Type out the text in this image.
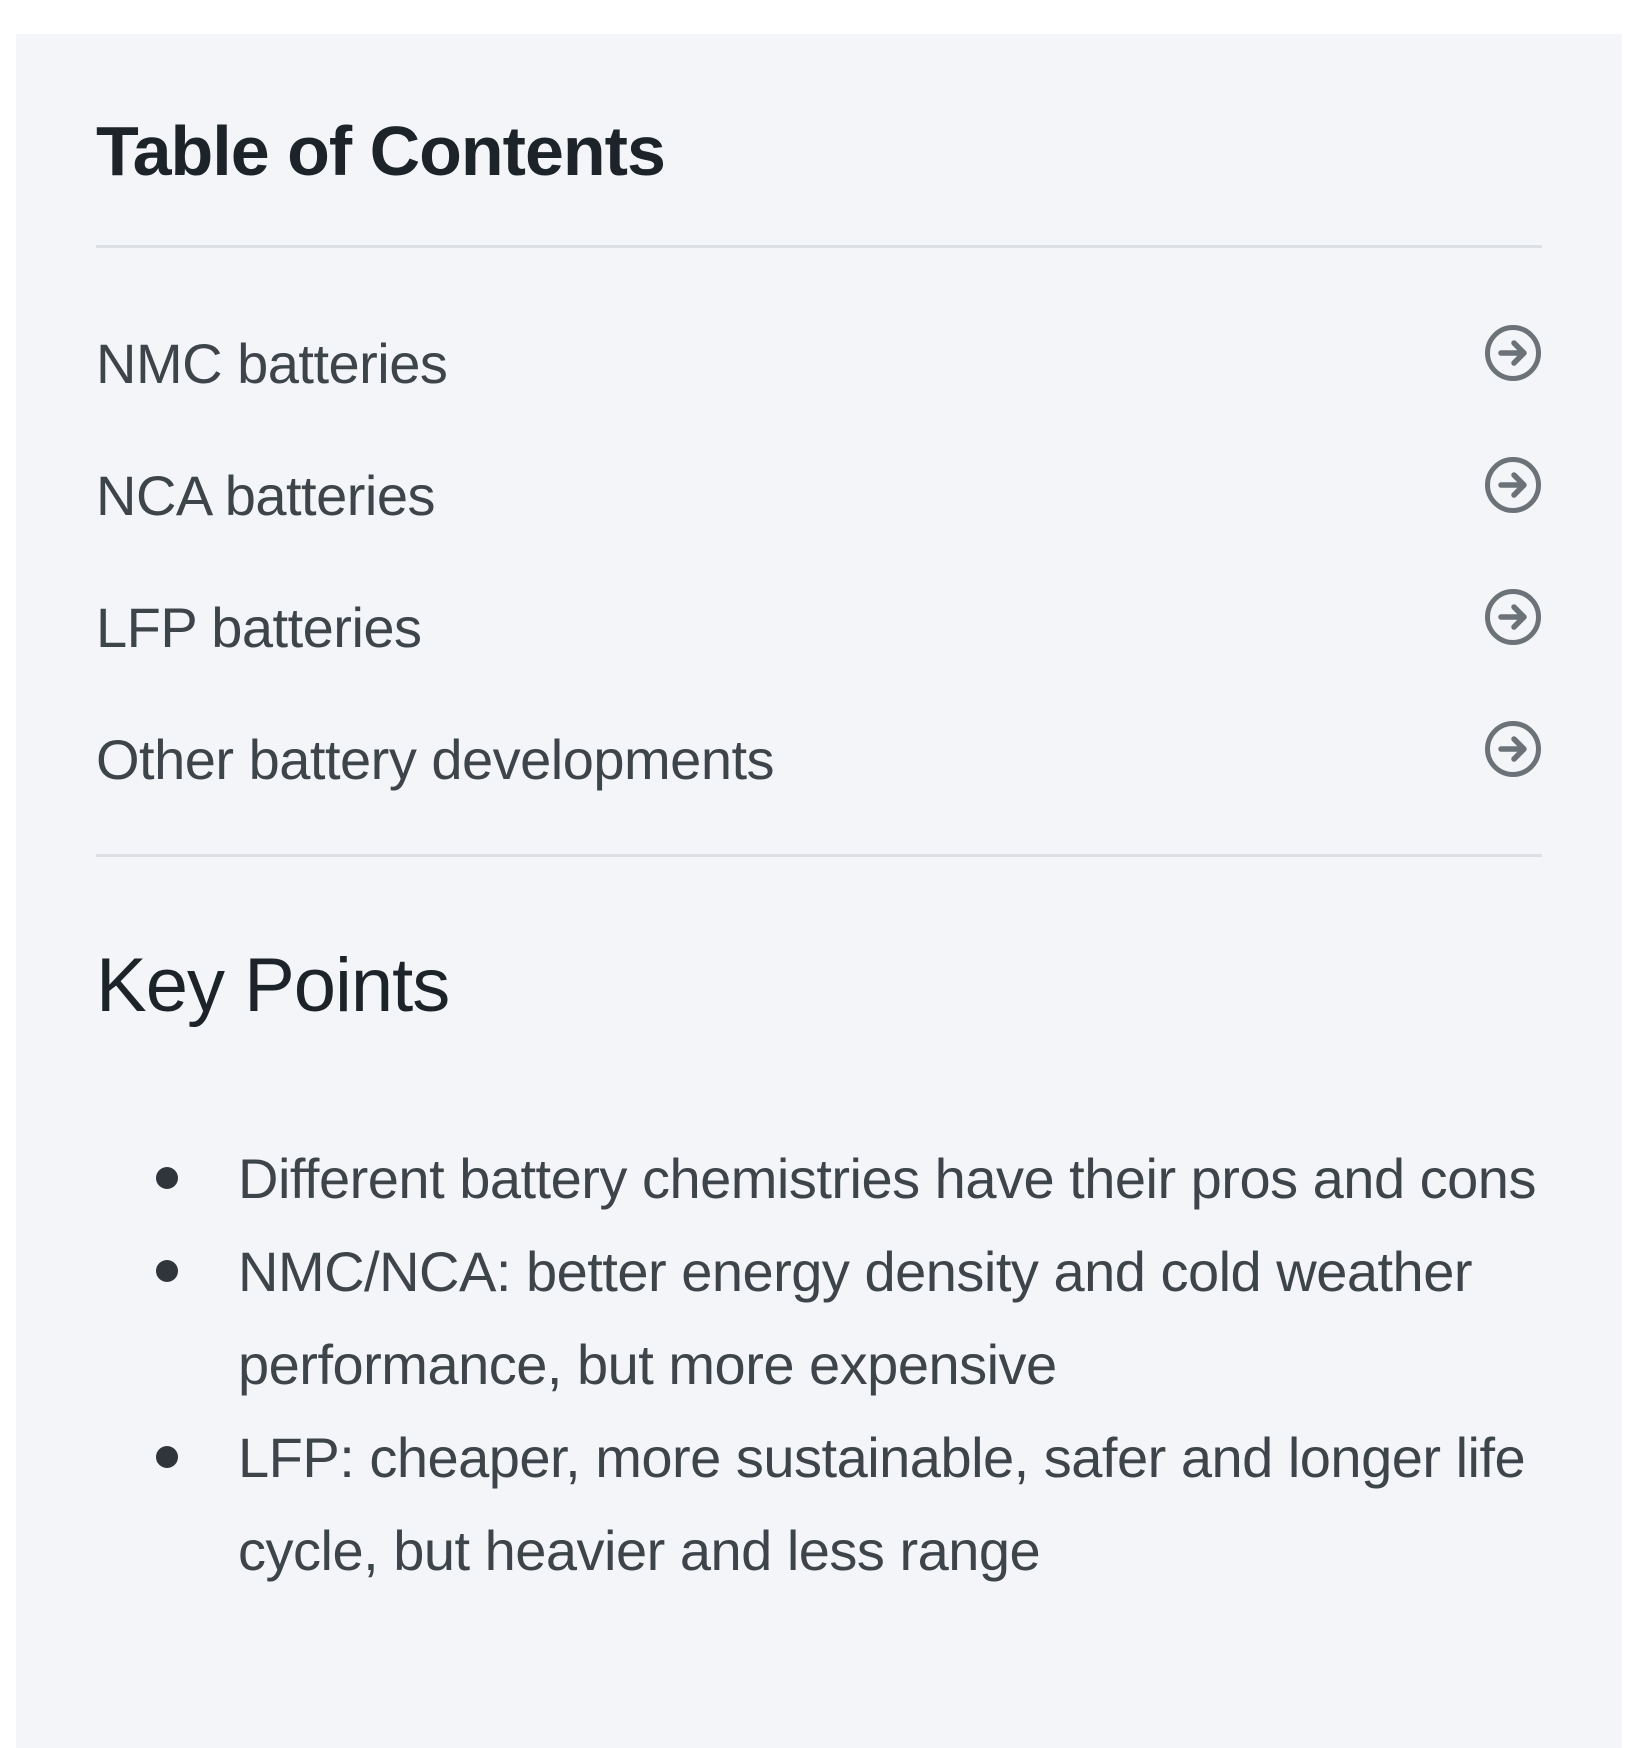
Table of Contents
NMC batteries
NCA batteries
LFP batteries
Other battery developments
Key Points
Different battery chemistries have their pros and cons
NMC/NCA: better energy density and cold weather performance, but more expensive
LFP: cheaper, more sustainable, safer and longer life cycle, but heavier and less range
